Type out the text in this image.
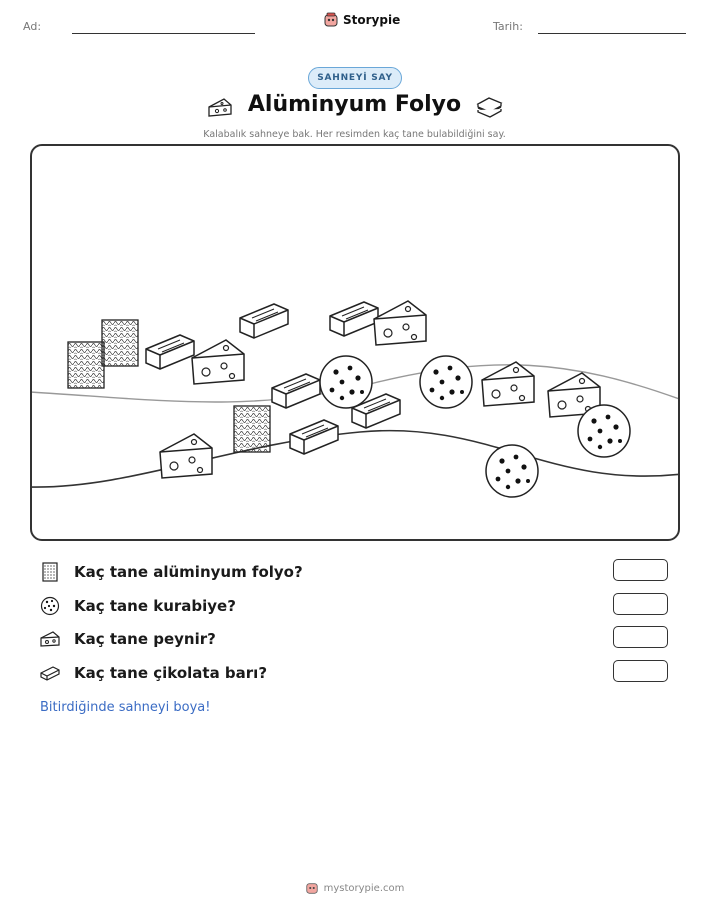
Ad:	Storypie	Tarih:
SAHNEYİ SAY
Alüminyum Folyo
Kalabalık sahneye bak. Her resimden kaç tane bulabildiğini say.
Kaç tane alüminyum folyo?
Kaç tane kurabiye?
Kaç tane peynir?
Kaç tane çikolata barı?
Bitirdiğinde sahneyi boya!
mystorypie.com
